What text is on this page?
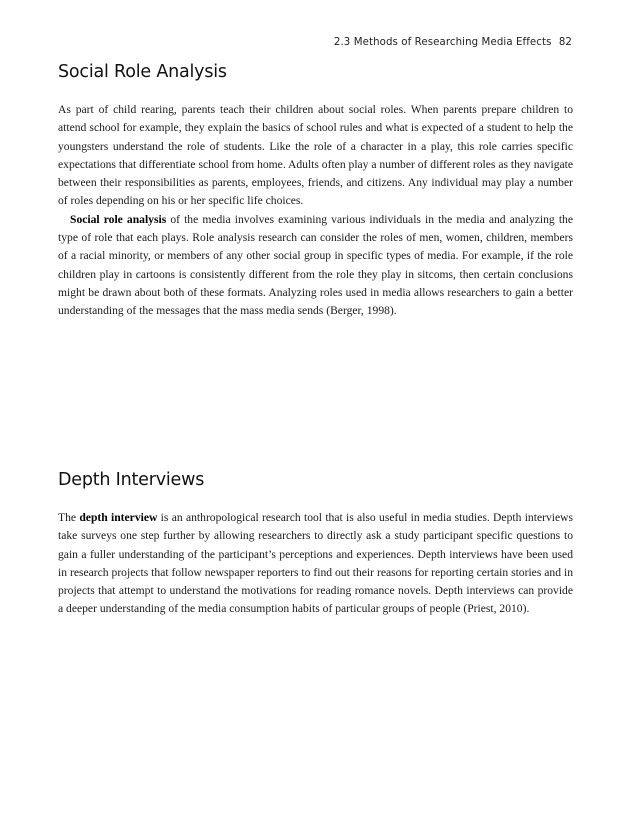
2.3 Methods of Researching Media Effects 82
Social Role Analysis

As part of child rearing, parents teach their children about social roles. When parents prepare children to attend school for example, they explain the basics of school rules and what is expected of a student to help the youngsters understand the role of students. Like the role of a character in a play, this role carries specific expectations that differentiate school from home. Adults often play a number of different roles as they navigate between their responsibilities as parents, employees, friends, and citizens. Any individual may play a number of roles depending on his or her specific life choices.

Social role analysis of the media involves examining various individuals in the media and analyzing the type of role that each plays. Role analysis research can consider the roles of men, women, children, members of a racial minority, or members of any other social group in specific types of media. For example, if the role children play in cartoons is consistently different from the role they play in sitcoms, then certain conclusions might be drawn about both of these formats. Analyzing roles used in media allows researchers to gain a better understanding of the messages that the mass media sends (Berger, 1998).

Depth Interviews

The depth interview is an anthropological research tool that is also useful in media studies. Depth interviews take surveys one step further by allowing researchers to directly ask a study participant specific questions to gain a fuller understanding of the participant’s perceptions and experiences. Depth interviews have been used in research projects that follow newspaper reporters to find out their reasons for reporting certain stories and in projects that attempt to understand the motivations for reading romance novels. Depth interviews can provide a deeper understanding of the media consumption habits of particular groups of people (Priest, 2010).
